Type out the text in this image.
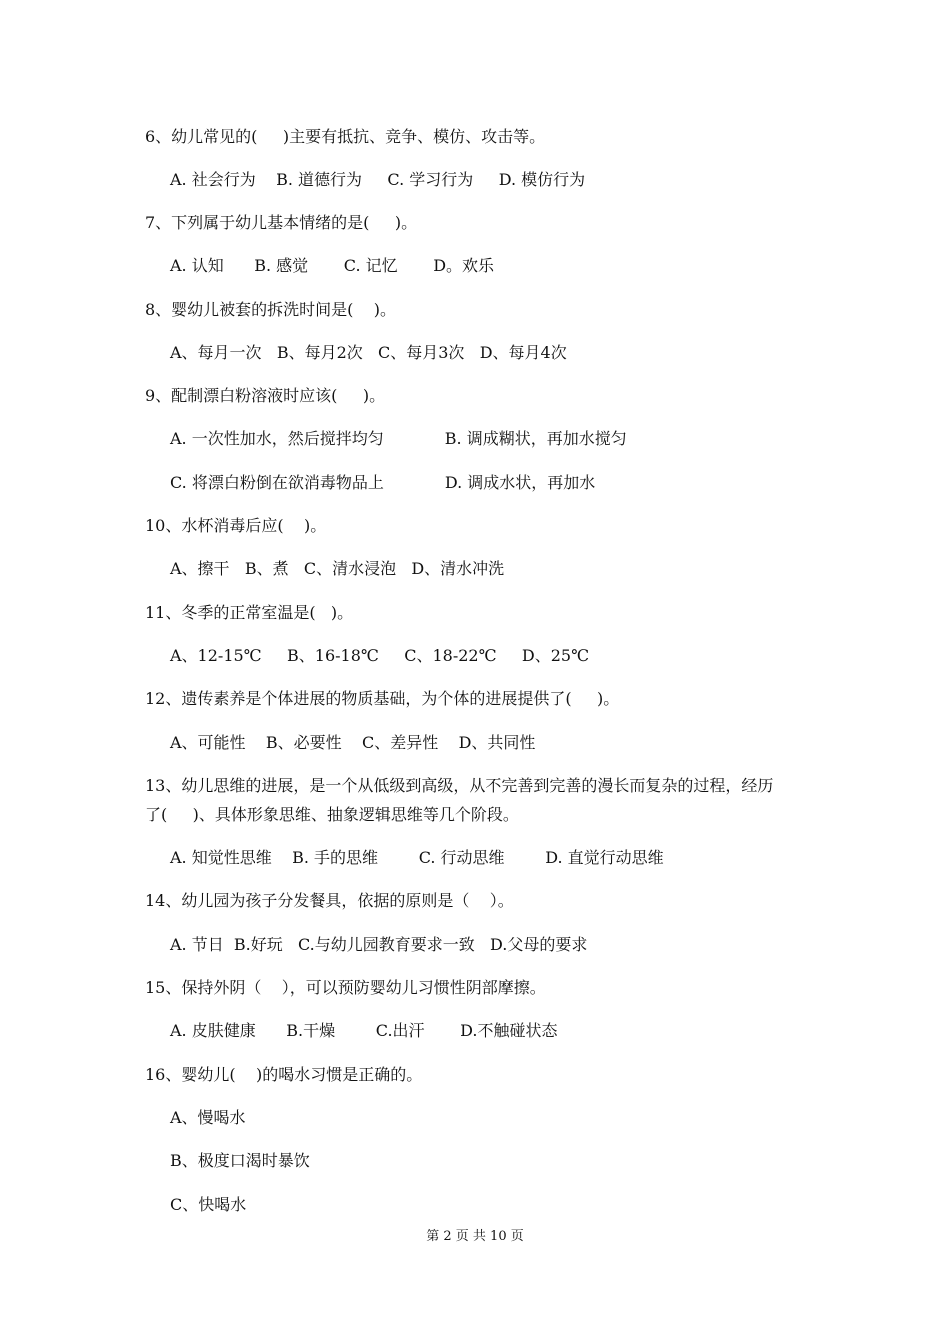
6、幼儿常见的(     )主要有抵抗、竞争、模仿、攻击等。
A. 社会行为    B. 道德行为     C. 学习行为     D. 模仿行为
7、下列属于幼儿基本情绪的是(     )。
A. 认知      B. 感觉       C. 记忆       D。欢乐
8、婴幼儿被套的拆洗时间是(    )。
A、每月一次   B、每月2次   C、每月3次   D、每月4次
9、配制漂白粉溶液时应该(     )。
A. 一次性加水，然后搅拌均匀            B. 调成糊状，再加水搅匀
C. 将漂白粉倒在欲消毒物品上            D. 调成水状，再加水
10、水杯消毒后应(    )。
A、擦干   B、煮   C、清水浸泡   D、清水冲洗
11、冬季的正常室温是(   )。
A、12-15℃     B、16-18℃     C、18-22℃     D、25℃
12、遗传素养是个体进展的物质基础，为个体的进展提供了(     )。
A、可能性    B、必要性    C、差异性    D、共同性
13、幼儿思维的进展，是一个从低级到高级，从不完善到完善的漫长而复杂的过程，经历
了(     )、具体形象思维、抽象逻辑思维等几个阶段。
A. 知觉性思维    B. 手的思维        C. 行动思维        D. 直觉行动思维
14、幼儿园为孩子分发餐具，依据的原则是（    ）。
A. 节日  B.好玩   C.与幼儿园教育要求一致   D.父母的要求
15、保持外阴（    ），可以预防婴幼儿习惯性阴部摩擦。
A. 皮肤健康      B.干燥        C.出汗       D.不触碰状态
16、婴幼儿(    )的喝水习惯是正确的。
A、慢喝水
B、极度口渴时暴饮
C、快喝水
第 2 页 共 10 页
